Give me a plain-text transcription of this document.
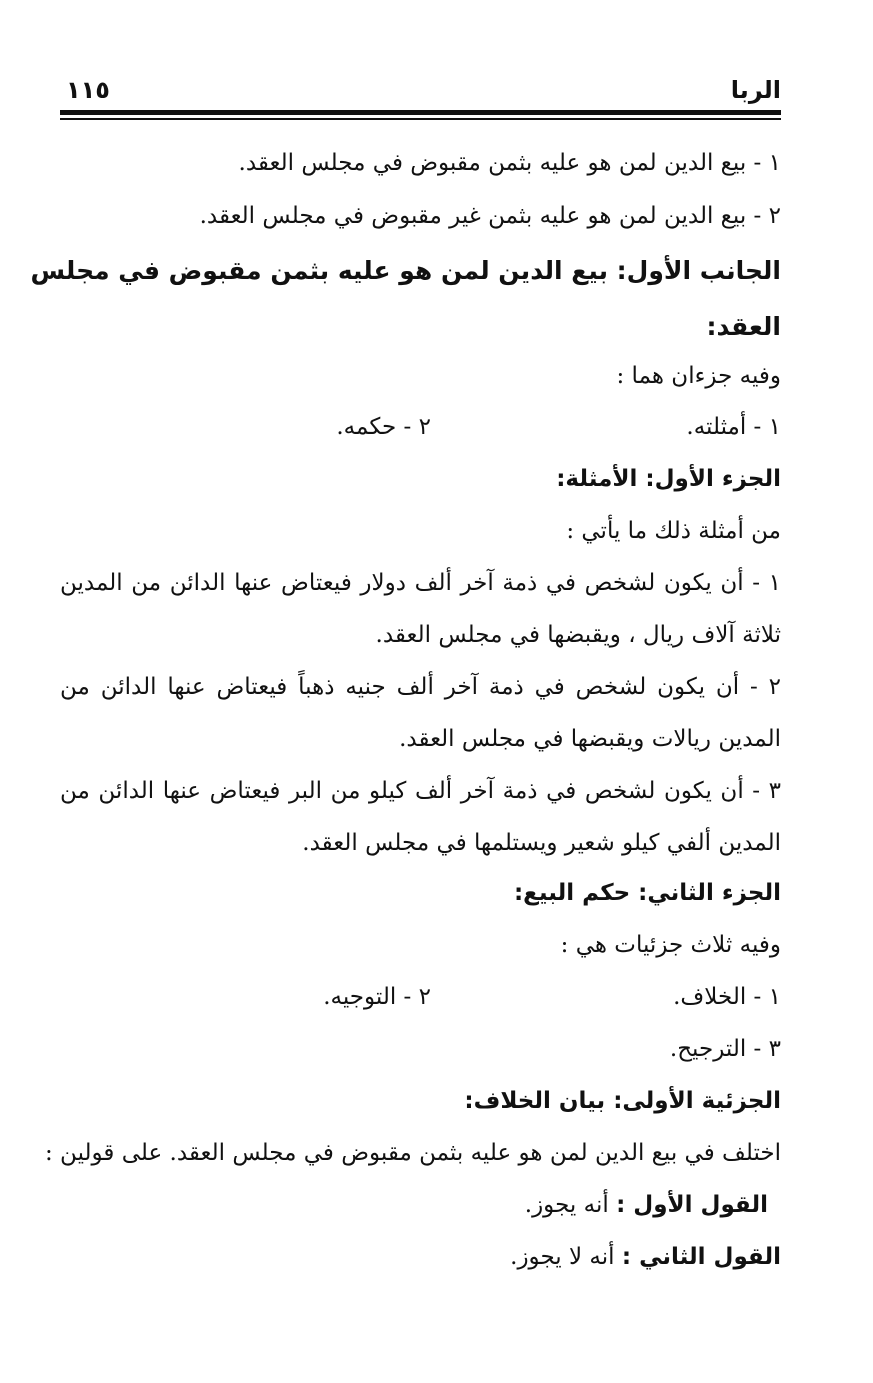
الربا
١١٥
١ - بيع الدين لمن هو عليه بثمن مقبوض في مجلس العقد.
٢ - بيع الدين لمن هو عليه بثمن غير مقبوض في مجلس العقد.
الجانب الأول: بيع الدين لمن هو عليه بثمن مقبوض في مجلس
العقد:
وفيه جزءان هما :
١ - أمثلته.
٢ - حكمه.
الجزء الأول: الأمثلة:
من أمثلة ذلك ما يأتي :
١ - أن يكون لشخص في ذمة آخر ألف دولار فيعتاض عنها الدائن من المدين
ثلاثة آلاف ريال ، ويقبضها في مجلس العقد.
٢ - أن يكون لشخص في ذمة آخر ألف جنيه ذهباً فيعتاض عنها الدائن من
المدين ريالات ويقبضها في مجلس العقد.
٣ - أن يكون لشخص في ذمة آخر ألف كيلو من البر فيعتاض عنها الدائن من
المدين ألفي كيلو شعير ويستلمها في مجلس العقد.
الجزء الثاني: حكم البيع:
وفيه ثلاث جزئيات هي :
١ - الخلاف.
٢ - التوجيه.
٣ - الترجيح.
الجزئية الأولى: بيان الخلاف:
اختلف في بيع الدين لمن هو عليه بثمن مقبوض في مجلس العقد. على قولين :
القول الأول : أنه يجوز.
القول الثاني : أنه لا يجوز.
